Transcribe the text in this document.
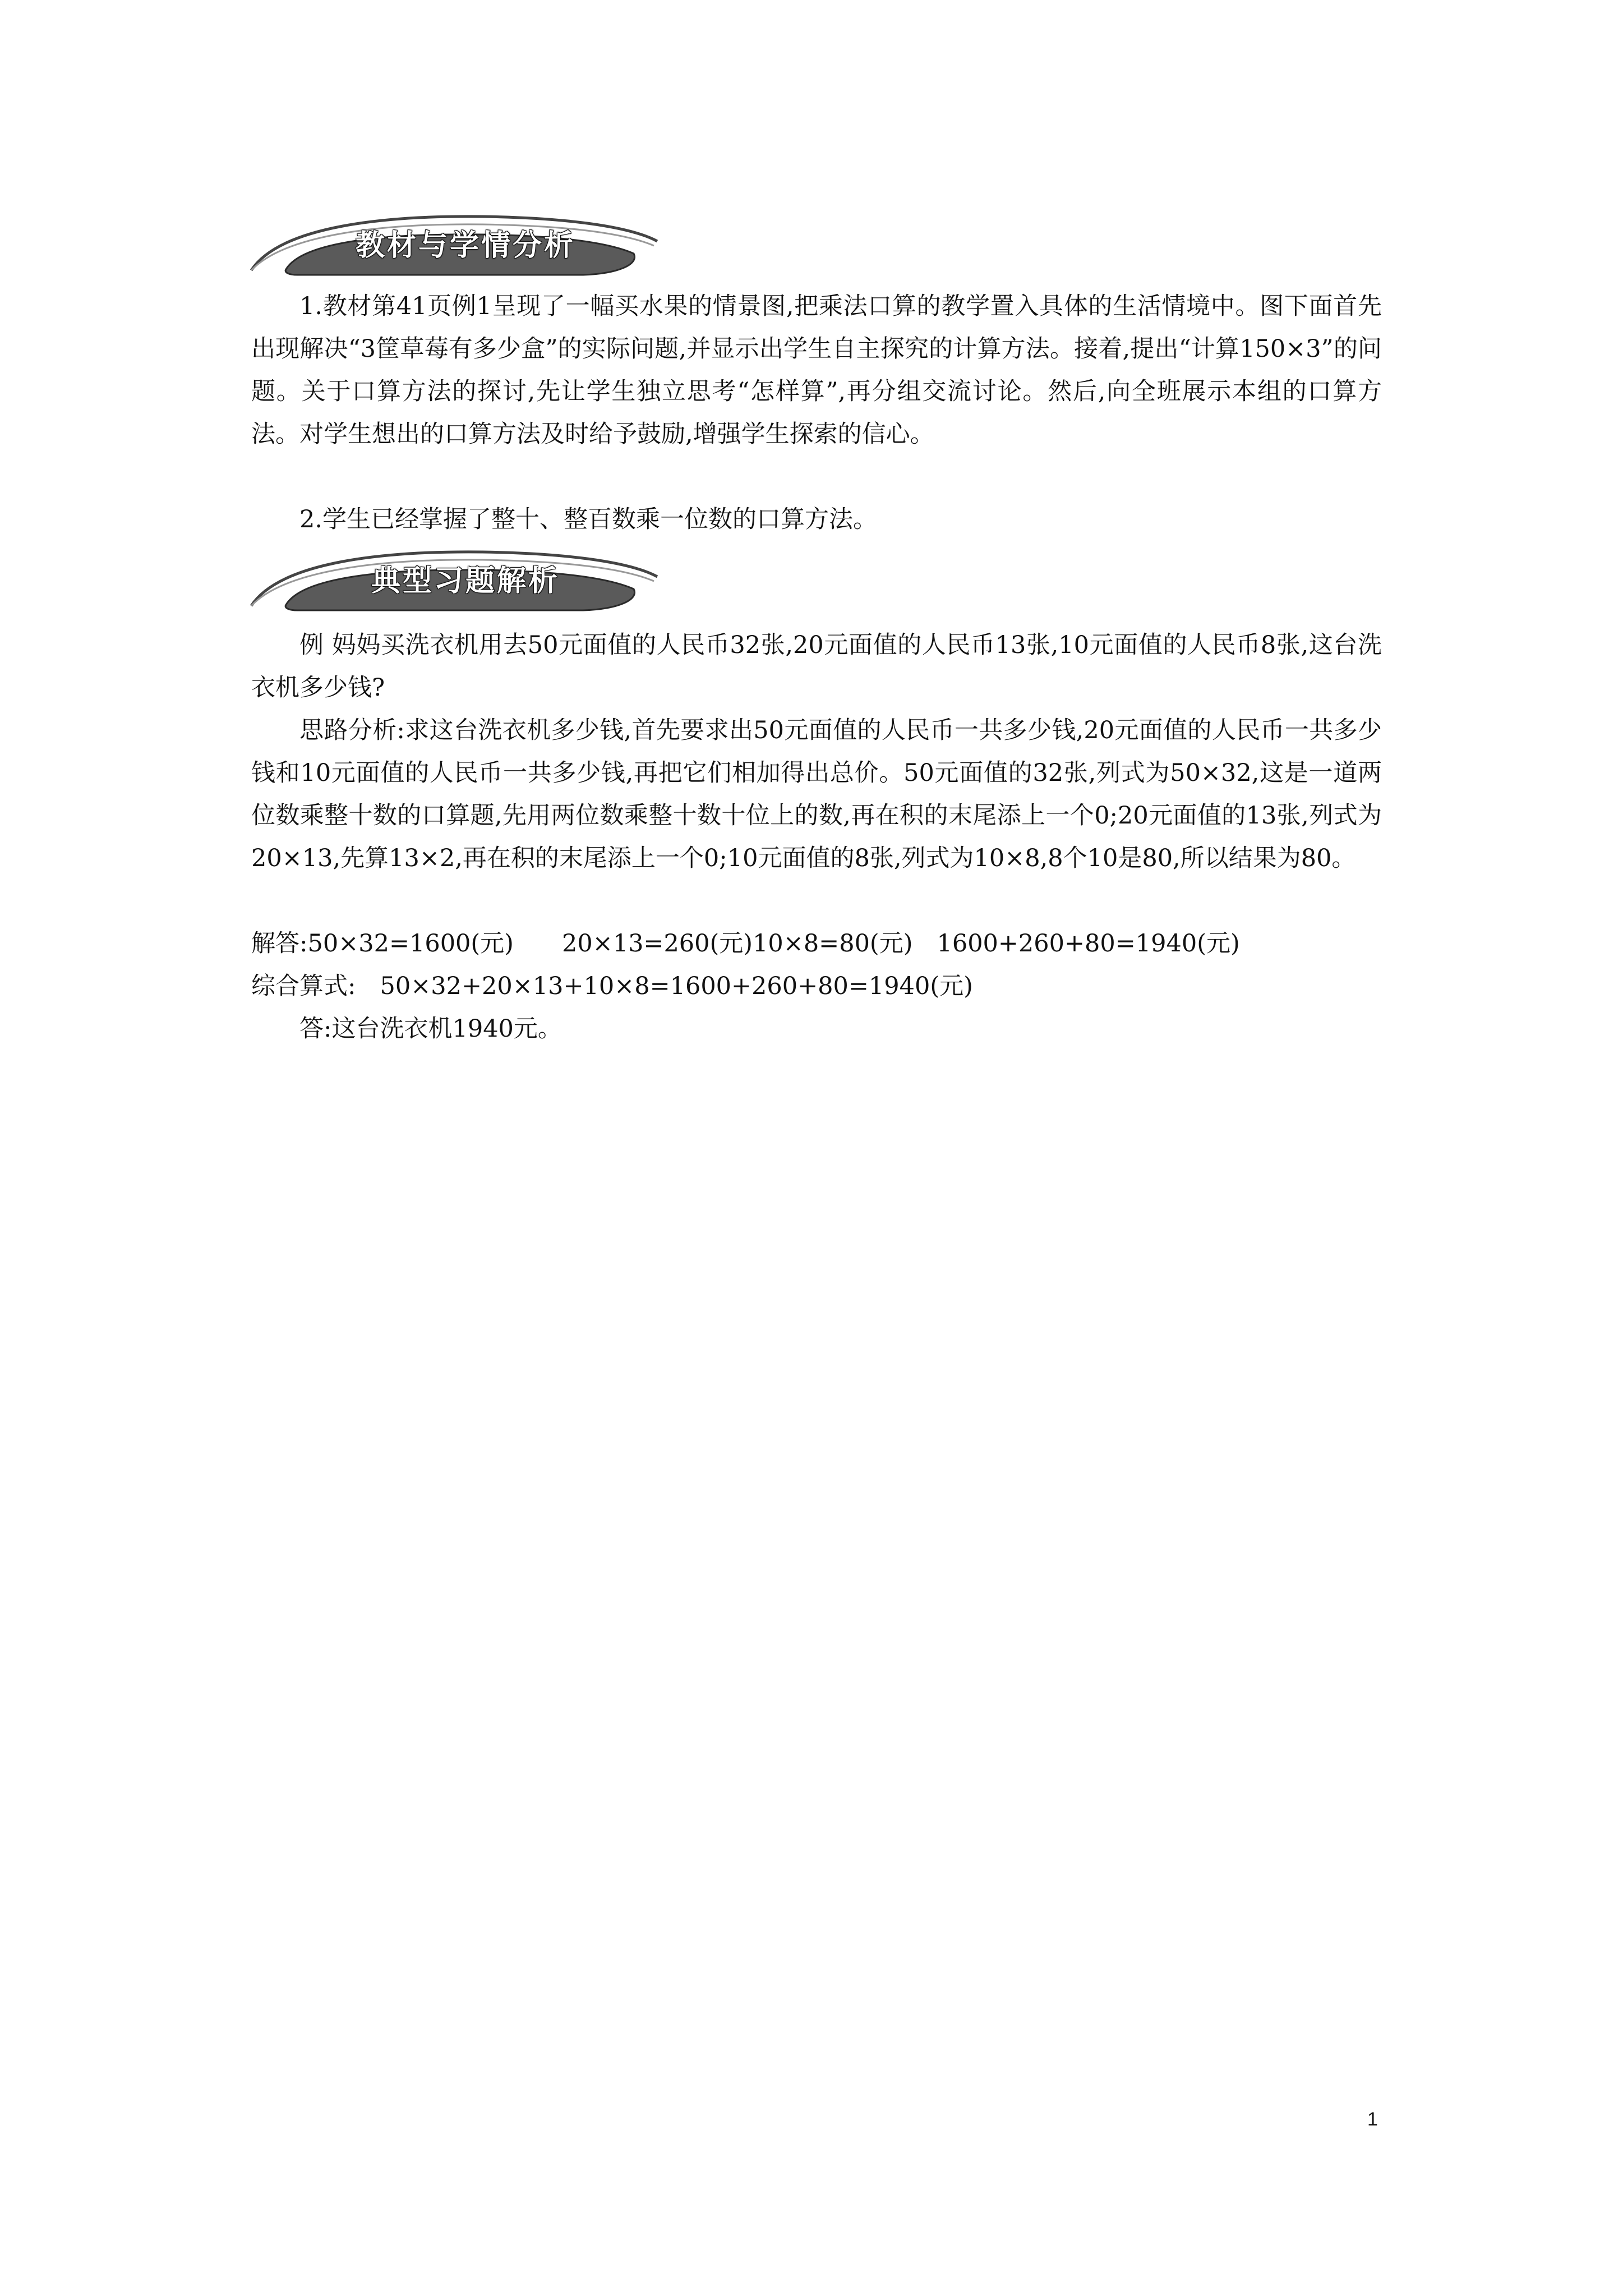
教材与学情分析

1.教材第41页例1呈现了一幅买水果的情景图,把乘法口算的教学置入具体的生活情境中。图下面首先出现解决“3筐草莓有多少盒”的实际问题,并显示出学生自主探究的计算方法。接着,提出“计算150×3”的问题。关于口算方法的探讨,先让学生独立思考“怎样算”,再分组交流讨论。然后,向全班展示本组的口算方法。对学生想出的口算方法及时给予鼓励,增强学生探索的信心。

2.学生已经掌握了整十、整百数乘一位数的口算方法。

典型习题解析

例 妈妈买洗衣机用去50元面值的人民币32张,20元面值的人民币13张,10元面值的人民币8张,这台洗衣机多少钱?

思路分析:求这台洗衣机多少钱,首先要求出50元面值的人民币一共多少钱,20元面值的人民币一共多少钱和10元面值的人民币一共多少钱,再把它们相加得出总价。50元面值的32张,列式为50×32,这是一道两位数乘整十数的口算题,先用两位数乘整十数十位上的数,再在积的末尾添上一个0;20元面值的13张,列式为20×13,先算13×2,再在积的末尾添上一个0;10元面值的8张,列式为10×8,8个10是80,所以结果为80。

解答:50×32=1600(元)　　20×13=260(元)10×8=80(元)　1600+260+80=1940(元)

综合算式:　50×32+20×13+10×8=1600+260+80=1940(元)

答:这台洗衣机1940元。

1
